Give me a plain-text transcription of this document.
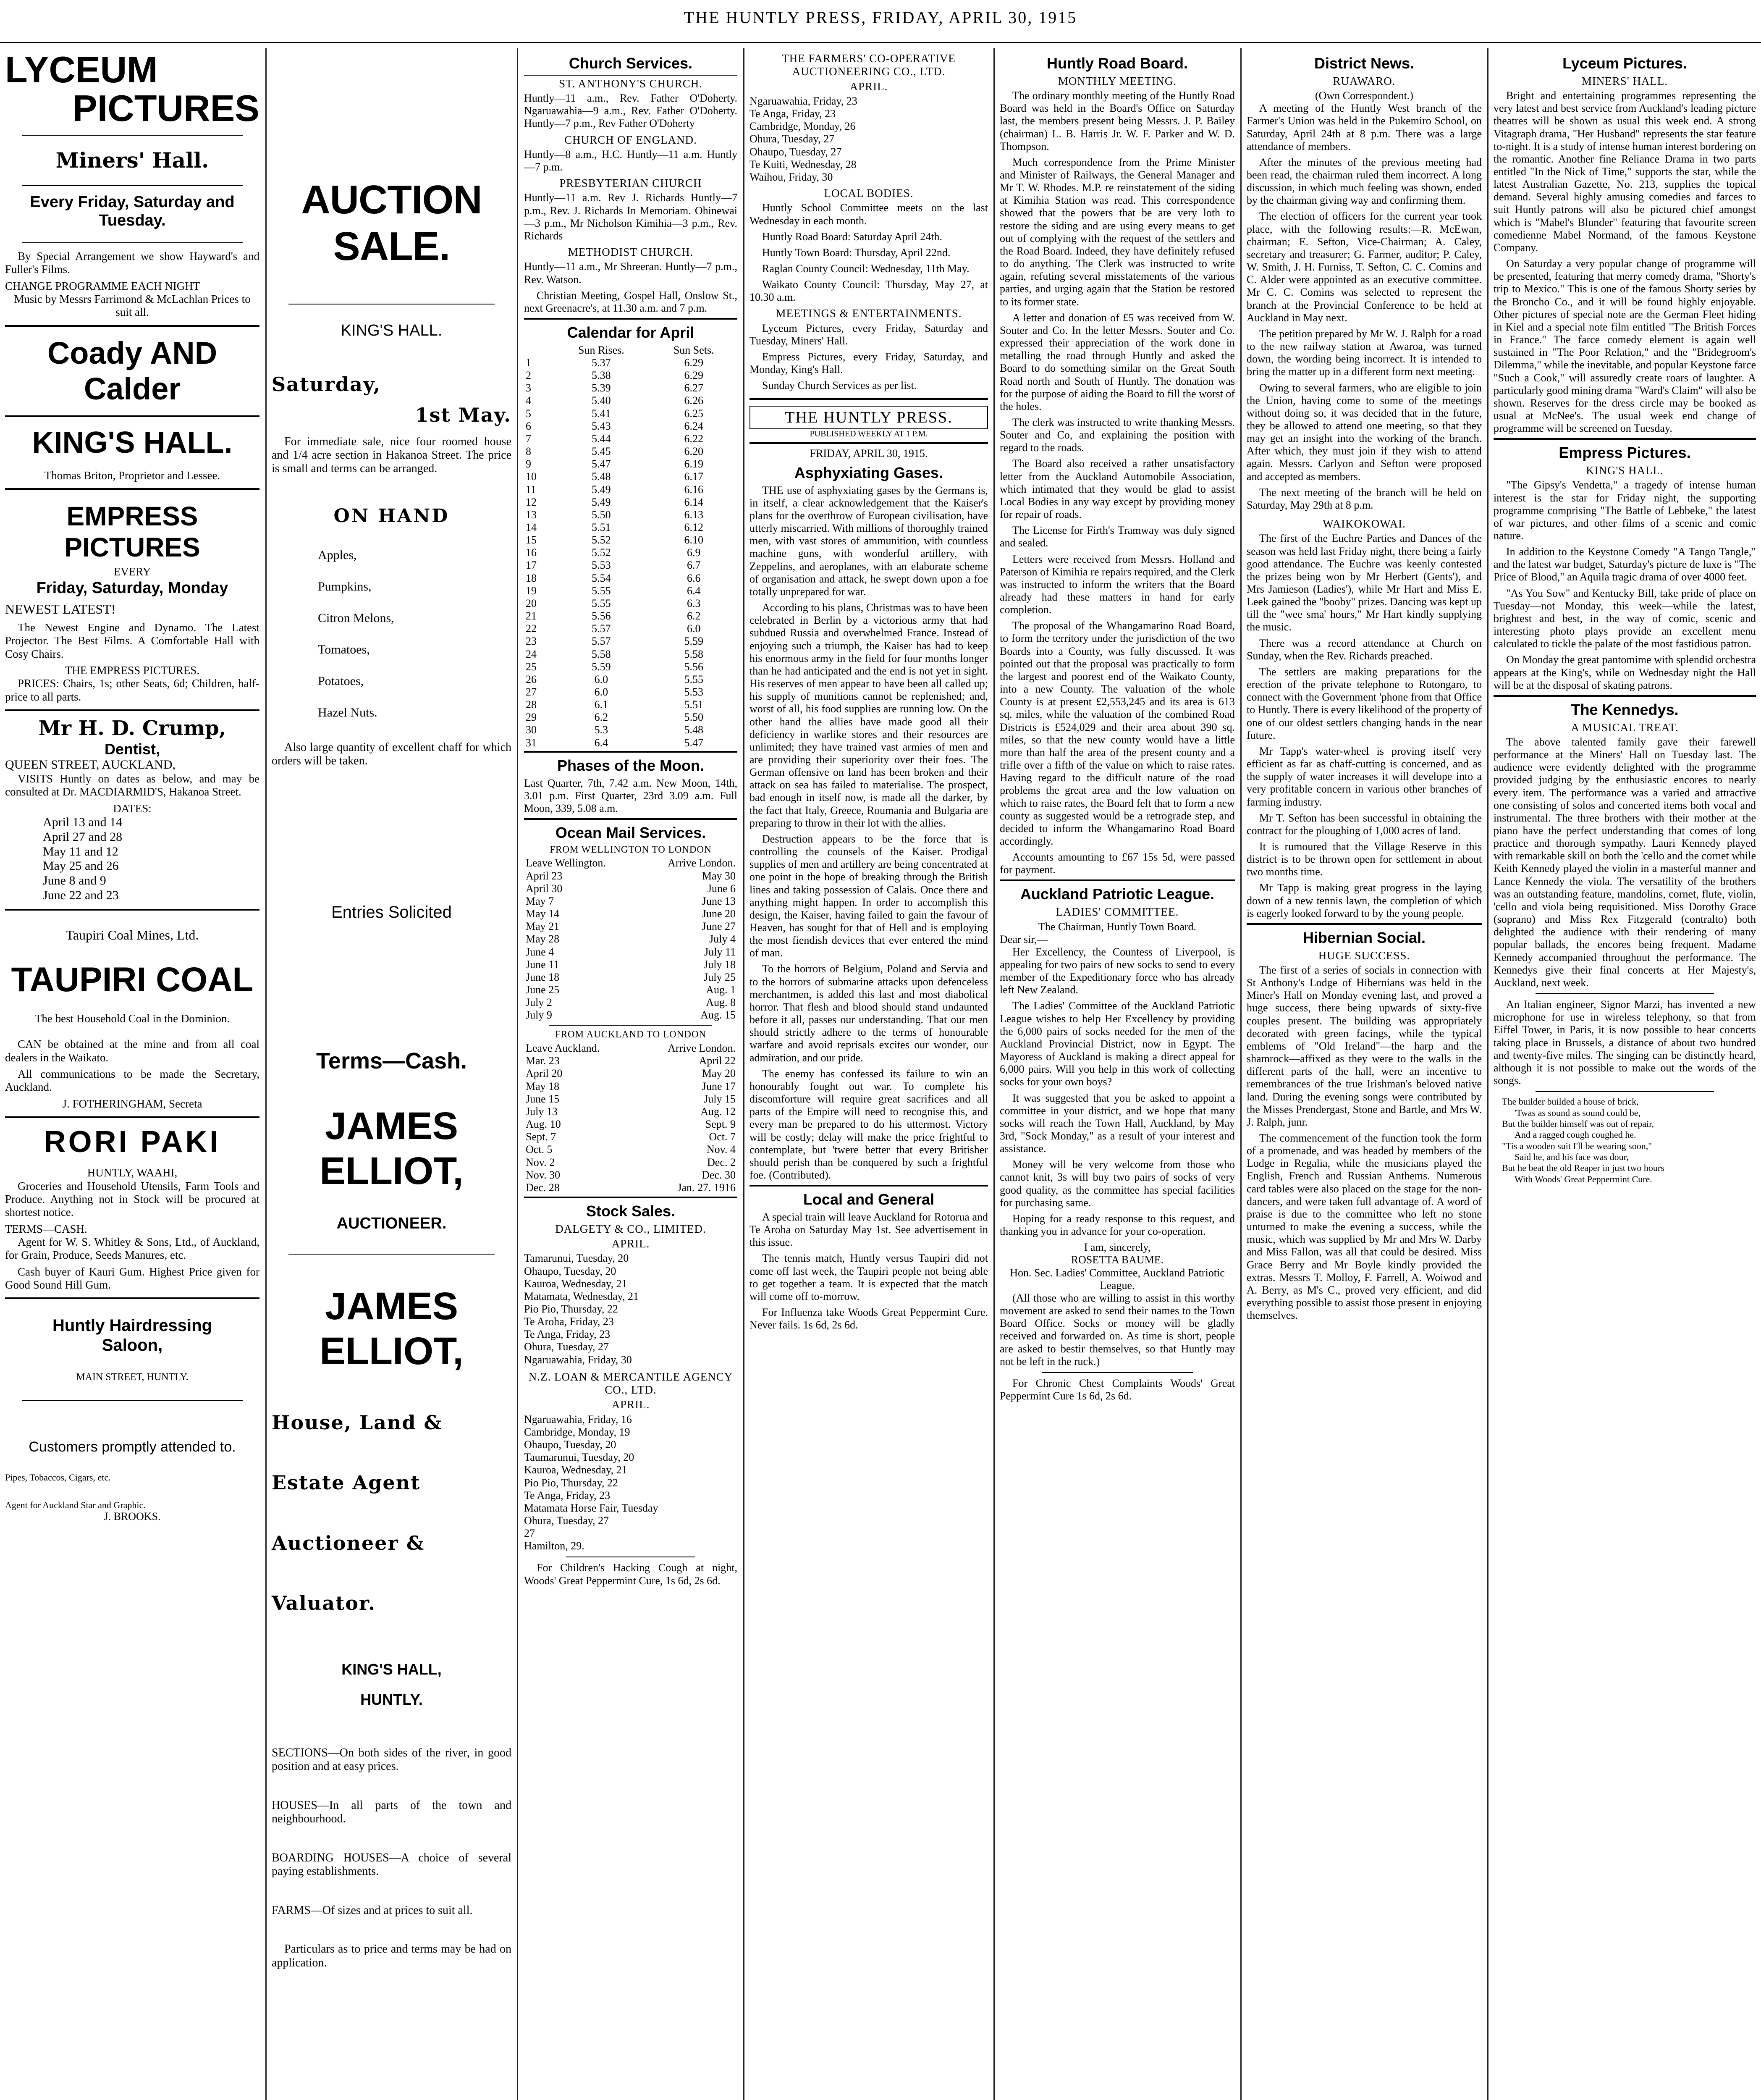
THE HUNTLY PRESS, FRIDAY, APRIL 30, 1915
LYCEUM
PICTURES
Miners' Hall.
Every Friday, Saturday and Tuesday.

By Special Arrangement we show Hayward's and Fuller's Films.

CHANGE PROGRAMME EACH NIGHT
Music by Messrs Farrimond & McLachlan Prices to suit all.
Coady AND Calder
KING'S HALL.
Thomas Briton, Proprietor and Lessee.
EMPRESS PICTURES
EVERY
Friday, Saturday, Monday
NEWEST LATEST!

The Newest Engine and Dynamo. The Latest Projector. The Best Films. A Comfortable Hall with Cosy Chairs.

THE EMPRESS PICTURES.

PRICES: Chairs, 1s; other Seats, 6d; Children, half-price to all parts.

Mr H. D. Crump,
Dentist,
QUEEN STREET, AUCKLAND,

VISITS Huntly on dates as below, and may be consulted at Dr. MACDIARMID'S, Hakanoa Street.

DATES:
April 13 and 14
April 27 and 28
May 11 and 12
May 25 and 26
June 8 and 9
June 22 and 23
Taupiri Coal Mines, Ltd.
TAUPIRI COAL
The best Household Coal in the Dominion.

CAN be obtained at the mine and from all coal dealers in the Waikato.

All communications to be made the Secretary, Auckland.

J. FOTHERINGHAM, Secreta
RORI PAKI
HUNTLY, WAAHI,

Groceries and Household Utensils, Farm Tools and Produce. Anything not in Stock will be procured at shortest notice.

TERMS—CASH.

Agent for W. S. Whitley & Sons, Ltd., of Auckland, for Grain, Produce, Seeds Manures, etc.

Cash buyer of Kauri Gum. Highest Price given for Good Sound Hill Gum.

Huntly Hairdressing
Saloon,
MAIN STREET, HUNTLY.
Customers promptly attended to.
Pipes, Tobaccos, Cigars, etc.
Agent for Auckland Star and Graphic.
J. BROOKS.
AUCTION SALE.
KING'S HALL.
Saturday,
1st May.

For immediate sale, nice four roomed house and 1/4 acre section in Hakanoa Street. The price is small and terms can be arranged.

ON HAND
Apples,
Pumpkins,
Citron Melons,
Tomatoes,
Potatoes,
Hazel Nuts.

Also large quantity of excellent chaff for which orders will be taken.

Entries Solicited
Terms—Cash.
JAMES ELLIOT,
AUCTIONEER.
JAMES ELLIOT,
House, Land &
Estate Agent
Auctioneer &
Valuator.
KING'S HALL,
HUNTLY.

SECTIONS—On both sides of the river, in good position and at easy prices.

HOUSES—In all parts of the town and neighbourhood.

BOARDING HOUSES—A choice of several paying establishments.

FARMS—Of sizes and at prices to suit all.

Particulars as to price and terms may be had on application.

Church Services.
ST. ANTHONY'S CHURCH.

Huntly—11 a.m., Rev. Father O'Doherty. Ngaruawahia—9 a.m., Rev. Father O'Doherty. Huntly—7 p.m., Rev Father O'Doherty

CHURCH OF ENGLAND.

Huntly—8 a.m., H.C. Huntly—11 a.m. Huntly—7 p.m.

PRESBYTERIAN CHURCH

Huntly—11 a.m. Rev J. Richards Huntly—7 p.m., Rev. J. Richards In Memoriam. Ohinewai—3 p.m., Mr Nicholson Kimihia—3 p.m., Rev. Richards

METHODIST CHURCH.

Huntly—11 a.m., Mr Shreeran. Huntly—7 p.m., Rev. Watson.

Christian Meeting, Gospel Hall, Onslow St., next Greenacre's, at 11.30 a.m. and 7 p.m.

Calendar for April
	Sun Rises.	Sun Sets.
1	5.37	6.29
2	5.38	6.29
3	5.39	6.27
4	5.40	6.26
5	5.41	6.25
6	5.43	6.24
7	5.44	6.22
8	5.45	6.20
9	5.47	6.19
10	5.48	6.17
11	5.49	6.16
12	5.49	6.14
13	5.50	6.13
14	5.51	6.12
15	5.52	6.10
16	5.52	6.9
17	5.53	6.7
18	5.54	6.6
19	5.55	6.4
20	5.55	6.3
21	5.56	6.2
22	5.57	6.0
23	5.57	5.59
24	5.58	5.58
25	5.59	5.56
26	6.0	5.55
27	6.0	5.53
28	6.1	5.51
29	6.2	5.50
30	5.3	5.48
31	6.4	5.47
Phases of the Moon.

Last Quarter, 7th, 7.42 a.m. New Moon, 14th, 3.01 p.m. First Quarter, 23rd 3.09 a.m. Full Moon, 339, 5.08 a.m.

Ocean Mail Services.
FROM WELLINGTON TO LONDON
Leave Wellington.	Arrive London.
April 23	May 30
April 30	June 6
May 7	June 13
May 14	June 20
May 21	June 27
May 28	July 4
June 4	July 11
June 11	July 18
June 18	July 25
June 25	Aug. 1
July 2	Aug. 8
July 9	Aug. 15
FROM AUCKLAND TO LONDON
Leave Auckland.	Arrive London.
Mar. 23	April 22
April 20	May 20
May 18	June 17
June 15	July 15
July 13	Aug. 12
Aug. 10	Sept. 9
Sept. 7	Oct. 7
Oct. 5	Nov. 4
Nov. 2	Dec. 2
Nov. 30	Dec. 30
Dec. 28	Jan. 27. 1916
Stock Sales.
DALGETY & CO., LIMITED.
APRIL.
Tamarunui, Tuesday, 20
Ohaupo, Tuesday, 20
Kauroa, Wednesday, 21
Matamata, Wednesday, 21
Pio Pio, Thursday, 22
Te Aroha, Friday, 23
Te Anga, Friday, 23
Ohura, Tuesday, 27
Ngaruawahia, Friday, 30
N.Z. LOAN & MERCANTILE AGENCY CO., LTD.
APRIL.
Ngaruawahia, Friday, 16
Cambridge, Monday, 19
Ohaupo, Tuesday, 20
Taumarunui, Tuesday, 20
Kauroa, Wednesday, 21
Pio Pio, Thursday, 22
Te Anga, Friday, 23
Matamata Horse Fair, Tuesday
Ohura, Tuesday, 27
27
Hamilton, 29.

For Children's Hacking Cough at night, Woods' Great Peppermint Cure, 1s 6d, 2s 6d.

THE FARMERS' CO-OPERATIVE AUCTIONEERING CO., LTD.
APRIL.
Ngaruawahia, Friday, 23
Te Anga, Friday, 23
Cambridge, Monday, 26
Ohura, Tuesday, 27
Ohaupo, Tuesday, 27
Te Kuiti, Wednesday, 28
Waihou, Friday, 30
LOCAL BODIES.

Huntly School Committee meets on the last Wednesday in each month.

Huntly Road Board: Saturday April 24th.

Huntly Town Board: Thursday, April 22nd.

Raglan County Council: Wednesday, 11th May.

Waikato County Council: Thursday, May 27, at 10.30 a.m.

MEETINGS & ENTERTAINMENTS.

Lyceum Pictures, every Friday, Saturday and Tuesday, Miners' Hall.

Empress Pictures, every Friday, Saturday, and Monday, King's Hall.

Sunday Church Services as per list.

THE HUNTLY PRESS.
PUBLISHED WEEKLY AT 1 P.M.
FRIDAY, APRIL 30, 1915.
Asphyxiating Gases.

THE use of asphyxiating gases by the Germans is, in itself, a clear acknowledgement that the Kaiser's plans for the overthrow of European civilisation, have utterly miscarried. With millions of thoroughly trained men, with vast stores of ammunition, with countless machine guns, with wonderful artillery, with Zeppelins, and aeroplanes, with an elaborate scheme of organisation and attack, he swept down upon a foe totally unprepared for war.

According to his plans, Christmas was to have been celebrated in Berlin by a victorious army that had subdued Russia and overwhelmed France. Instead of enjoying such a triumph, the Kaiser has had to keep his enormous army in the field for four months longer than he had anticipated and the end is not yet in sight. His reserves of men appear to have been all called up; his supply of munitions cannot be replenished; and, worst of all, his food supplies are running low. On the other hand the allies have made good all their deficiency in warlike stores and their resources are unlimited; they have trained vast armies of men and are providing their superiority over their foes. The German offensive on land has been broken and their attack on sea has failed to materialise. The prospect, bad enough in itself now, is made all the darker, by the fact that Italy, Greece, Roumania and Bulgaria are preparing to throw in their lot with the allies.

Destruction appears to be the force that is controlling the counsels of the Kaiser. Prodigal supplies of men and artillery are being concentrated at one point in the hope of breaking through the British lines and taking possession of Calais. Once there and anything might happen. In order to accomplish this design, the Kaiser, having failed to gain the favour of Heaven, has sought for that of Hell and is employing the most fiendish devices that ever entered the mind of man.

To the horrors of Belgium, Poland and Servia and to the horrors of submarine attacks upon defenceless merchantmen, is added this last and most diabolical horror. That flesh and blood should stand undaunted before it all, passes our understanding. That our men should strictly adhere to the terms of honourable warfare and avoid reprisals excites our wonder, our admiration, and our pride.

The enemy has confessed its failure to win an honourably fought out war. To complete his discomforture will require great sacrifices and all parts of the Empire will need to recognise this, and every man be prepared to do his uttermost. Victory will be costly; delay will make the price frightful to contemplate, but 'twere better that every Britisher should perish than be conquered by such a frightful foe. (Contributed).

Local and General

A special train will leave Auckland for Rotorua and Te Aroha on Saturday May 1st. See advertisement in this issue.

The tennis match, Huntly versus Taupiri did not come off last week, the Taupiri people not being able to get together a team. It is expected that the match will come off to-morrow.

For Influenza take Woods Great Peppermint Cure. Never fails. 1s 6d, 2s 6d.

Huntly Road Board.
MONTHLY MEETING.

The ordinary monthly meeting of the Huntly Road Board was held in the Board's Office on Saturday last, the members present being Messrs. J. P. Bailey (chairman) L. B. Harris Jr. W. F. Parker and W. D. Thompson.

Much correspondence from the Prime Minister and Minister of Railways, the General Manager and Mr T. W. Rhodes. M.P. re reinstatement of the siding at Kimihia Station was read. This correspondence showed that the powers that be are very loth to restore the siding and are using every means to get out of complying with the request of the settlers and the Road Board. Indeed, they have definitely refused to do anything. The Clerk was instructed to write again, refuting several misstatements of the various parties, and urging again that the Station be restored to its former state.

A letter and donation of £5 was received from W. Souter and Co. In the letter Messrs. Souter and Co. expressed their appreciation of the work done in metalling the road through Huntly and asked the Board to do something similar on the Great South Road north and South of Huntly. The donation was for the purpose of aiding the Board to fill the worst of the holes.

The clerk was instructed to write thanking Messrs. Souter and Co, and explaining the position with regard to the roads.

The Board also received a rather unsatisfactory letter from the Auckland Automobile Association, which intimated that they would be glad to assist Local Bodies in any way except by providing money for repair of roads.

The License for Firth's Tramway was duly signed and sealed.

Letters were received from Messrs. Holland and Paterson of Kimihia re repairs required, and the Clerk was instructed to inform the writers that the Board already had these matters in hand for early completion.

The proposal of the Whangamarino Road Board, to form the territory under the jurisdiction of the two Boards into a County, was fully discussed. It was pointed out that the proposal was practically to form the largest and poorest end of the Waikato County, into a new County. The valuation of the whole County is at present £2,553,245 and its area is 613 sq. miles, while the valuation of the combined Road Districts is £524,029 and their area about 390 sq. miles, so that the new county would have a little more than half the area of the present county and a trifle over a fifth of the value on which to raise rates. Having regard to the difficult nature of the road problems the great area and the low valuation on which to raise rates, the Board felt that to form a new county as suggested would be a retrograde step, and decided to inform the Whangamarino Road Board accordingly.

Accounts amounting to £67 15s 5d, were passed for payment.

Auckland Patriotic League.
LADIES' COMMITTEE.
The Chairman, Huntly Town Board.
Dear sir,—

Her Excellency, the Countess of Liverpool, is appealing for two pairs of new socks to send to every member of the Expeditionary force who has already left New Zealand.

The Ladies' Committee of the Auckland Patriotic League wishes to help Her Excellency by providing the 6,000 pairs of socks needed for the men of the Auckland Provincial District, now in Egypt. The Mayoress of Auckland is making a direct appeal for 6,000 pairs. Will you help in this work of collecting socks for your own boys?

It was suggested that you be asked to appoint a committee in your district, and we hope that many socks will reach the Town Hall, Auckland, by May 3rd, "Sock Monday," as a result of your interest and assistance.

Money will be very welcome from those who cannot knit, 3s will buy two pairs of socks of very good quality, as the committee has special facilities for purchasing same.

Hoping for a ready response to this request, and thanking you in advance for your co-operation.

I am, sincerely,
ROSETTA BAUME.
Hon. Sec. Ladies' Committee, Auckland Patriotic League.

(All those who are willing to assist in this worthy movement are asked to send their names to the Town Board Office. Socks or money will be gladly received and forwarded on. As time is short, people are asked to bestir themselves, so that Huntly may not be left in the ruck.)

For Chronic Chest Complaints Woods' Great Peppermint Cure 1s 6d, 2s 6d.

District News.
RUAWARO.
(Own Correspondent.)

A meeting of the Huntly West branch of the Farmer's Union was held in the Pukemiro School, on Saturday, April 24th at 8 p.m. There was a large attendance of members.

After the minutes of the previous meeting had been read, the chairman ruled them incorrect. A long discussion, in which much feeling was shown, ended by the chairman giving way and confirming them.

The election of officers for the current year took place, with the following results:—R. McEwan, chairman; E. Sefton, Vice-Chairman; A. Caley, secretary and treasurer; G. Farmer, auditor; P. Caley, W. Smith, J. H. Furniss, T. Sefton, C. C. Comins and C. Alder were appointed as an executive committee. Mr C. C. Comins was selected to represent the branch at the Provincial Conference to be held at Auckland in May next.

The petition prepared by Mr W. J. Ralph for a road to the new railway station at Awaroa, was turned down, the wording being incorrect. It is intended to bring the matter up in a different form next meeting.

Owing to several farmers, who are eligible to join the Union, having come to some of the meetings without doing so, it was decided that in the future, they be allowed to attend one meeting, so that they may get an insight into the working of the branch. After which, they must join if they wish to attend again. Messrs. Carlyon and Sefton were proposed and accepted as members.

The next meeting of the branch will be held on Saturday, May 29th at 8 p.m.

WAIKOKOWAI.

The first of the Euchre Parties and Dances of the season was held last Friday night, there being a fairly good attendance. The Euchre was keenly contested the prizes being won by Mr Herbert (Gents'), and Mrs Jamieson (Ladies'), while Mr Hart and Miss E. Leek gained the "booby" prizes. Dancing was kept up till the "wee sma' hours," Mr Hart kindly supplying the music.

There was a record attendance at Church on Sunday, when the Rev. Richards preached.

The settlers are making preparations for the erection of the private telephone to Rotongaro, to connect with the Government 'phone from that Office to Huntly. There is every likelihood of the property of one of our oldest settlers changing hands in the near future.

Mr Tapp's water-wheel is proving itself very efficient as far as chaff-cutting is concerned, and as the supply of water increases it will develope into a very profitable concern in various other branches of farming industry.

Mr T. Sefton has been successful in obtaining the contract for the ploughing of 1,000 acres of land.

It is rumoured that the Village Reserve in this district is to be thrown open for settlement in about two months time.

Mr Tapp is making great progress in the laying down of a new tennis lawn, the completion of which is eagerly looked forward to by the young people.

Hibernian Social.
HUGE SUCCESS.

The first of a series of socials in connection with St Anthony's Lodge of Hibernians was held in the Miner's Hall on Monday evening last, and proved a huge success, there being upwards of sixty-five couples present. The building was appropriately decorated with green facings, while the typical emblems of "Old Ireland"—the harp and the shamrock—affixed as they were to the walls in the different parts of the hall, were an incentive to remembrances of the true Irishman's beloved native land. During the evening songs were contributed by the Misses Prendergast, Stone and Bartle, and Mrs W. J. Ralph, junr.

The commencement of the function took the form of a promenade, and was headed by members of the Lodge in Regalia, while the musicians played the English, French and Russian Anthems. Numerous card tables were also placed on the stage for the non-dancers, and were taken full advantage of. A word of praise is due to the committee who left no stone unturned to make the evening a success, while the music, which was supplied by Mr and Mrs W. Darby and Miss Fallon, was all that could be desired. Miss Grace Berry and Mr Boyle kindly provided the extras. Messrs T. Molloy, F. Farrell, A. Woiwod and A. Berry, as M's C., proved very efficient, and did everything possible to assist those present in enjoying themselves.

Lyceum Pictures.
MINERS' HALL.

Bright and entertaining programmes representing the very latest and best service from Auckland's leading picture theatres will be shown as usual this week end. A strong Vitagraph drama, "Her Husband" represents the star feature to-night. It is a study of intense human interest bordering on the romantic. Another fine Reliance Drama in two parts entitled "In the Nick of Time," supports the star, while the latest Australian Gazette, No. 213, supplies the topical demand. Several highly amusing comedies and farces to suit Huntly patrons will also be pictured chief amongst which is "Mabel's Blunder" featuring that favourite screen comedienne Mabel Normand, of the famous Keystone Company.

On Saturday a very popular change of programme will be presented, featuring that merry comedy drama, "Shorty's trip to Mexico." This is one of the famous Shorty series by the Broncho Co., and it will be found highly enjoyable. Other pictures of special note are the German Fleet hiding in Kiel and a special note film entitled "The British Forces in France." The farce comedy element is again well sustained in "The Poor Relation," and the "Bridegroom's Dilemma," while the inevitable, and popular Keystone farce "Such a Cook," will assuredly create roars of laughter. A particularly good mining drama "Ward's Claim" will also be shown. Reserves for the dress circle may be booked as usual at McNee's. The usual week end change of programme will be screened on Tuesday.

Empress Pictures.
KING'S HALL.

"The Gipsy's Vendetta," a tragedy of intense human interest is the star for Friday night, the supporting programme comprising "The Battle of Lebbeke," the latest of war pictures, and other films of a scenic and comic nature.

In addition to the Keystone Comedy "A Tango Tangle," and the latest war budget, Saturday's picture de luxe is "The Price of Blood," an Aquila tragic drama of over 4000 feet.

"As You Sow" and Kentucky Bill, take pride of place on Tuesday—not Monday, this week—while the latest, brightest and best, in the way of comic, scenic and interesting photo plays provide an excellent menu calculated to tickle the palate of the most fastidious patron.

On Monday the great pantomime with splendid orchestra appears at the King's, while on Wednesday night the Hall will be at the disposal of skating patrons.

The Kennedys.
A MUSICAL TREAT.

The above talented family gave their farewell performance at the Miners' Hall on Tuesday last. The audience were evidently delighted with the programme provided judging by the enthusiastic encores to nearly every item. The performance was a varied and attractive one consisting of solos and concerted items both vocal and instrumental. The three brothers with their mother at the piano have the perfect understanding that comes of long practice and thorough sympathy. Lauri Kennedy played with remarkable skill on both the 'cello and the cornet while Keith Kennedy played the violin in a masterful manner and Lance Kennedy the viola. The versatility of the brothers was an outstanding feature, mandolins, cornet, flute, violin, 'cello and viola being requisitioned. Miss Dorothy Grace (soprano) and Miss Rex Fitzgerald (contralto) both delighted the audience with their rendering of many popular ballads, the encores being frequent. Madame Kennedy accompanied throughout the performance. The Kennedys give their final concerts at Her Majesty's, Auckland, next week.

An Italian engineer, Signor Marzi, has invented a new microphone for use in wireless telephony, so that from Eiffel Tower, in Paris, it is now possible to hear concerts taking place in Brussels, a distance of about two hundred and twenty-five miles. The singing can be distinctly heard, although it is not possible to make out the words of the songs.

The builder builded a house of brick,
'Twas as sound as sound could be,
But the builder himself was out of repair,
And a ragged cough coughed he.
"Tis a wooden suit I'll be wearing soon,"
Said he, and his face was dour,
But he beat the old Reaper in just two hours
With Woods' Great Peppermint Cure.
